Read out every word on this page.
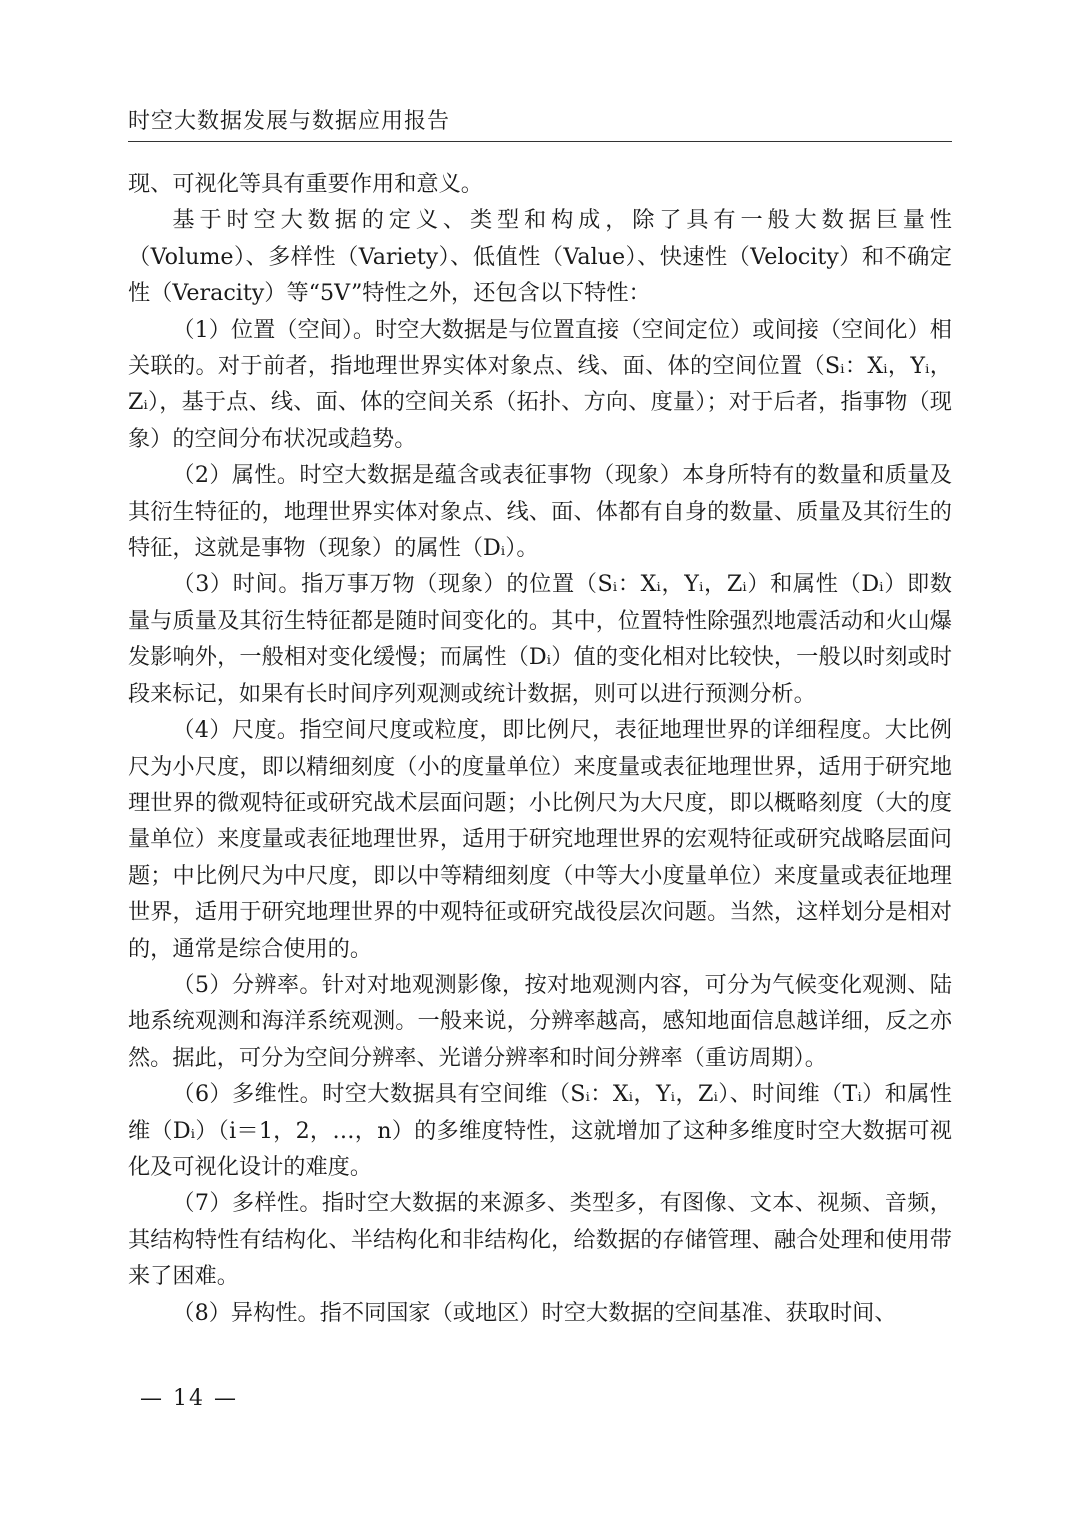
时空大数据发展与数据应用报告

现、可视化等具有重要作用和意义。

基于时空大数据的定义、类型和构成，除了具有一般大数据巨量性（Volume）、多样性（Variety）、低值性（Value）、快速性（Velocity）和不确定性（Veracity）等“5V”特性之外，还包含以下特性：

（1）位置（空间）。时空大数据是与位置直接（空间定位）或间接（空间化）相关联的。对于前者，指地理世界实体对象点、线、面、体的空间位置（Sᵢ：Xᵢ，Yᵢ，Zᵢ），基于点、线、面、体的空间关系（拓扑、方向、度量）；对于后者，指事物（现象）的空间分布状况或趋势。

（2）属性。时空大数据是蕴含或表征事物（现象）本身所特有的数量和质量及其衍生特征的，地理世界实体对象点、线、面、体都有自身的数量、质量及其衍生的特征，这就是事物（现象）的属性（Dᵢ）。

（3）时间。指万事万物（现象）的位置（Sᵢ：Xᵢ，Yᵢ，Zᵢ）和属性（Dᵢ）即数量与质量及其衍生特征都是随时间变化的。其中，位置特性除强烈地震活动和火山爆发影响外，一般相对变化缓慢；而属性（Dᵢ）值的变化相对比较快，一般以时刻或时段来标记，如果有长时间序列观测或统计数据，则可以进行预测分析。

（4）尺度。指空间尺度或粒度，即比例尺，表征地理世界的详细程度。大比例尺为小尺度，即以精细刻度（小的度量单位）来度量或表征地理世界，适用于研究地理世界的微观特征或研究战术层面问题；小比例尺为大尺度，即以概略刻度（大的度量单位）来度量或表征地理世界，适用于研究地理世界的宏观特征或研究战略层面问题；中比例尺为中尺度，即以中等精细刻度（中等大小度量单位）来度量或表征地理世界，适用于研究地理世界的中观特征或研究战役层次问题。当然，这样划分是相对的，通常是综合使用的。

（5）分辨率。针对对地观测影像，按对地观测内容，可分为气候变化观测、陆地系统观测和海洋系统观测。一般来说，分辨率越高，感知地面信息越详细，反之亦然。据此，可分为空间分辨率、光谱分辨率和时间分辨率（重访周期）。

（6）多维性。时空大数据具有空间维（Sᵢ：Xᵢ，Yᵢ，Zᵢ）、时间维（Tᵢ）和属性维（Dᵢ）（i＝1，2，…，n）的多维度特性，这就增加了这种多维度时空大数据可视化及可视化设计的难度。

（7）多样性。指时空大数据的来源多、类型多，有图像、文本、视频、音频，其结构特性有结构化、半结构化和非结构化，给数据的存储管理、融合处理和使用带来了困难。

（8）异构性。指不同国家（或地区）时空大数据的空间基准、获取时间、

— 14 —
